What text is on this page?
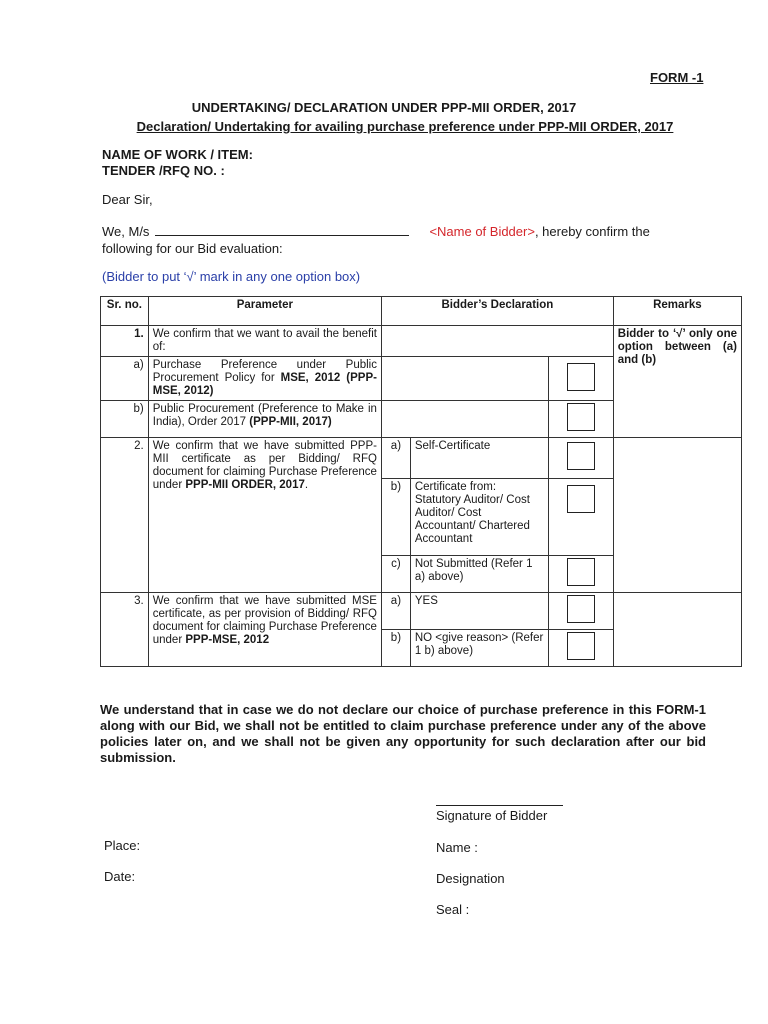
FORM -1
UNDERTAKING/ DECLARATION UNDER PPP-MII ORDER, 2017
Declaration/ Undertaking for availing purchase preference under PPP-MII ORDER, 2017
NAME OF WORK / ITEM:
TENDER /RFQ NO. :
Dear Sir,
We, M/s	<Name of Bidder>, hereby confirm the
following for our Bid evaluation:
(Bidder to put ‘√’ mark in any one option box)
Sr. no.	Parameter	Bidder’s Declaration			Remarks
1.	We confirm that we want to avail the benefit of:				Bidder to ‘√’ only one option between (a) and (b)
a)	Purchase Preference under Public Procurement Policy for MSE, 2012 (PPP-MSE, 2012)				
b)	Public Procurement (Preference to Make in India), Order 2017 (PPP-MII, 2017)				
2.	We confirm that we have submitted PPP-MII certificate as per Bidding/ RFQ document for claiming Purchase Preference under PPP-MII ORDER, 2017.	a)	Self-Certificate		
		b)	Certificate from: Statutory Auditor/ Cost Auditor/ Cost Accountant/ Chartered Accountant		
		c)	Not Submitted (Refer 1 a) above)		
3.	We confirm that we have submitted MSE certificate, as per provision of Bidding/ RFQ document for claiming Purchase Preference under PPP-MSE, 2012	a)	YES		
		b)	NO <give reason> (Refer 1 b) above)		
We understand that in case we do not declare our choice of purchase preference in this FORM-1 along with our Bid, we shall not be entitled to claim purchase preference under any of the above policies later on, and we shall not be given any opportunity for such declaration after our bid submission.
Signature of Bidder
Place:
Date:
Name :
Designation
Seal :
